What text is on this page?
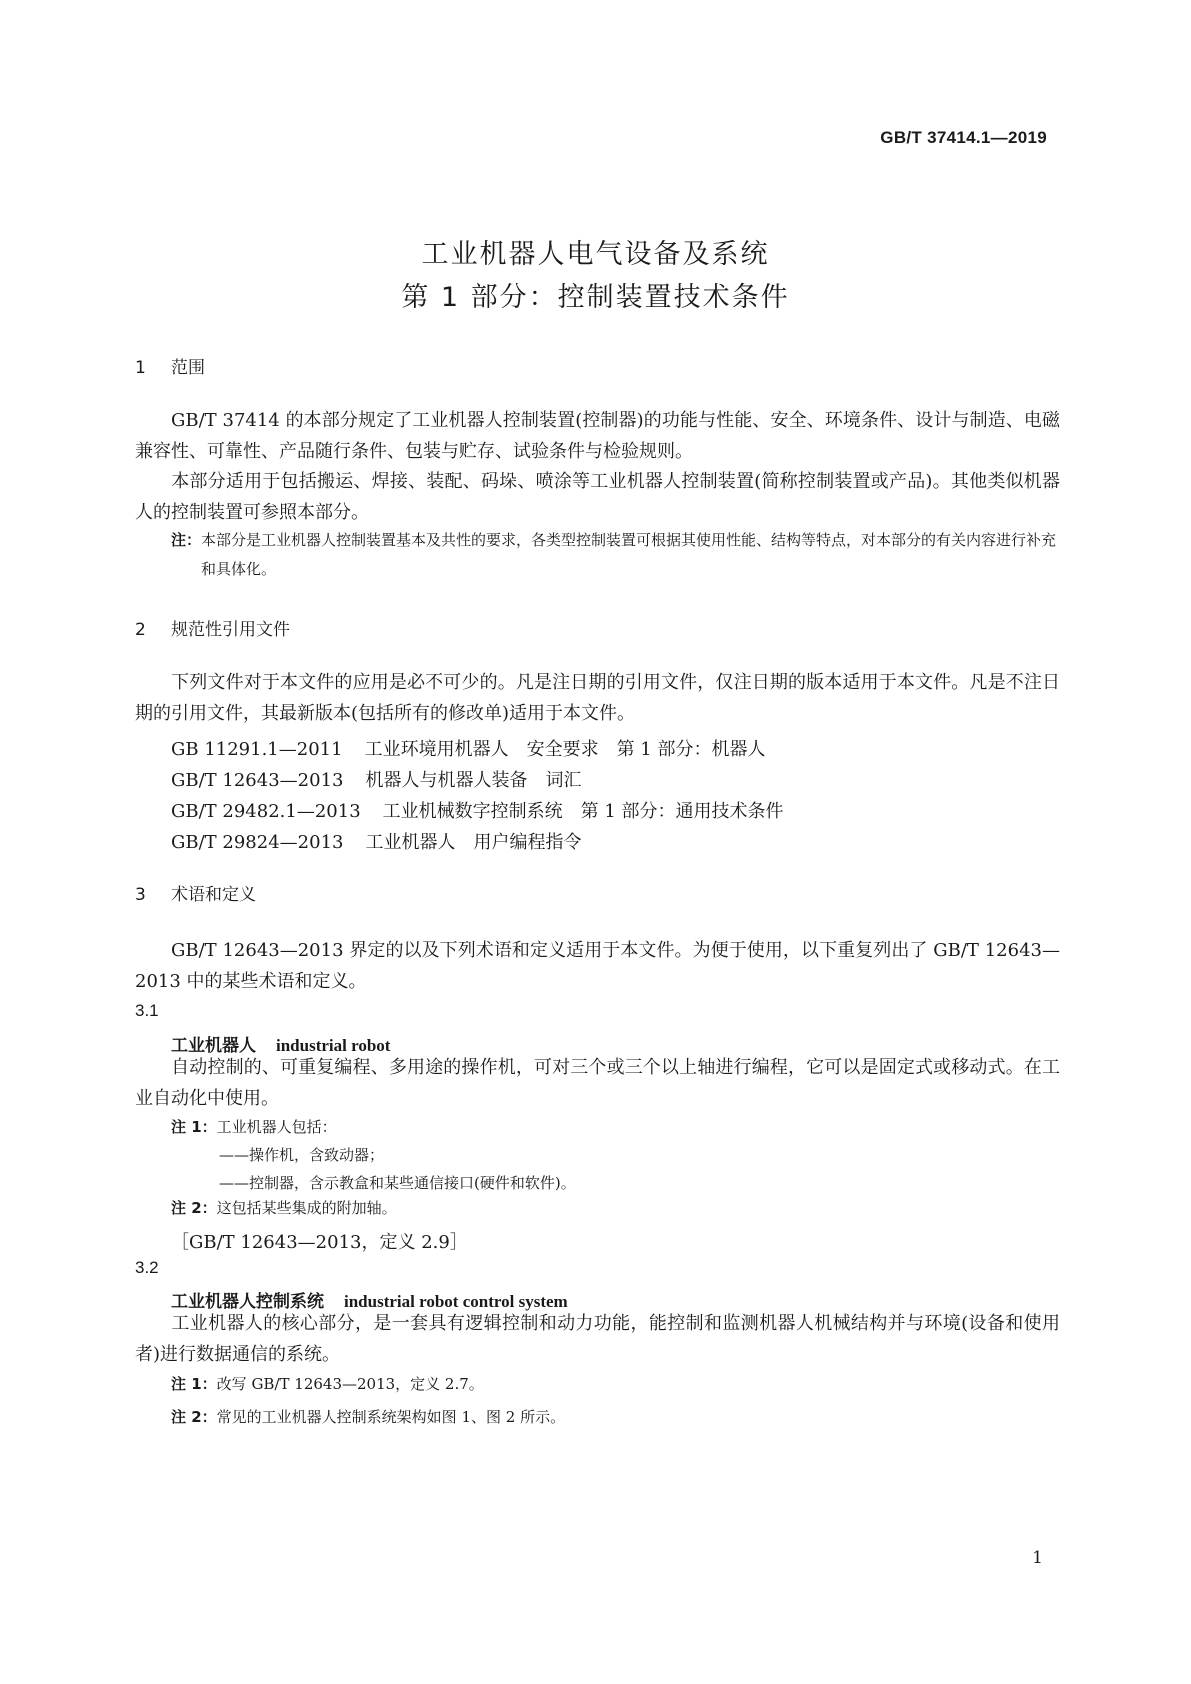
GB/T 37414.1—2019
工业机器人电气设备及系统
第 1 部分：控制装置技术条件
1 范围
GB/T 37414 的本部分规定了工业机器人控制装置(控制器)的功能与性能、安全、环境条件、设计与制造、电磁兼容性、可靠性、产品随行条件、包装与贮存、试验条件与检验规则。
本部分适用于包括搬运、焊接、装配、码垛、喷涂等工业机器人控制装置(简称控制装置或产品)。其他类似机器人的控制装置可参照本部分。
注：本部分是工业机器人控制装置基本及共性的要求，各类型控制装置可根据其使用性能、结构等特点，对本部分的有关内容进行补充和具体化。
2 规范性引用文件
下列文件对于本文件的应用是必不可少的。凡是注日期的引用文件，仅注日期的版本适用于本文件。凡是不注日期的引用文件，其最新版本(包括所有的修改单)适用于本文件。
GB 11291.1—2011 工业环境用机器人　安全要求　第 1 部分：机器人
GB/T 12643—2013 机器人与机器人装备　词汇
GB/T 29482.1—2013 工业机械数字控制系统　第 1 部分：通用技术条件
GB/T 29824—2013 工业机器人　用户编程指令
3 术语和定义
GB/T 12643—2013 界定的以及下列术语和定义适用于本文件。为便于使用，以下重复列出了 GB/T 12643—2013 中的某些术语和定义。
3.1
工业机器人 industrial robot
自动控制的、可重复编程、多用途的操作机，可对三个或三个以上轴进行编程，它可以是固定式或移动式。在工业自动化中使用。
注 1：工业机器人包括：
——操作机，含致动器；
——控制器，含示教盒和某些通信接口(硬件和软件)。
注 2：这包括某些集成的附加轴。
［GB/T 12643—2013，定义 2.9］
3.2
工业机器人控制系统 industrial robot control system
工业机器人的核心部分，是一套具有逻辑控制和动力功能，能控制和监测机器人机械结构并与环境(设备和使用者)进行数据通信的系统。
注 1：改写 GB/T 12643—2013，定义 2.7。
注 2：常见的工业机器人控制系统架构如图 1、图 2 所示。
1
